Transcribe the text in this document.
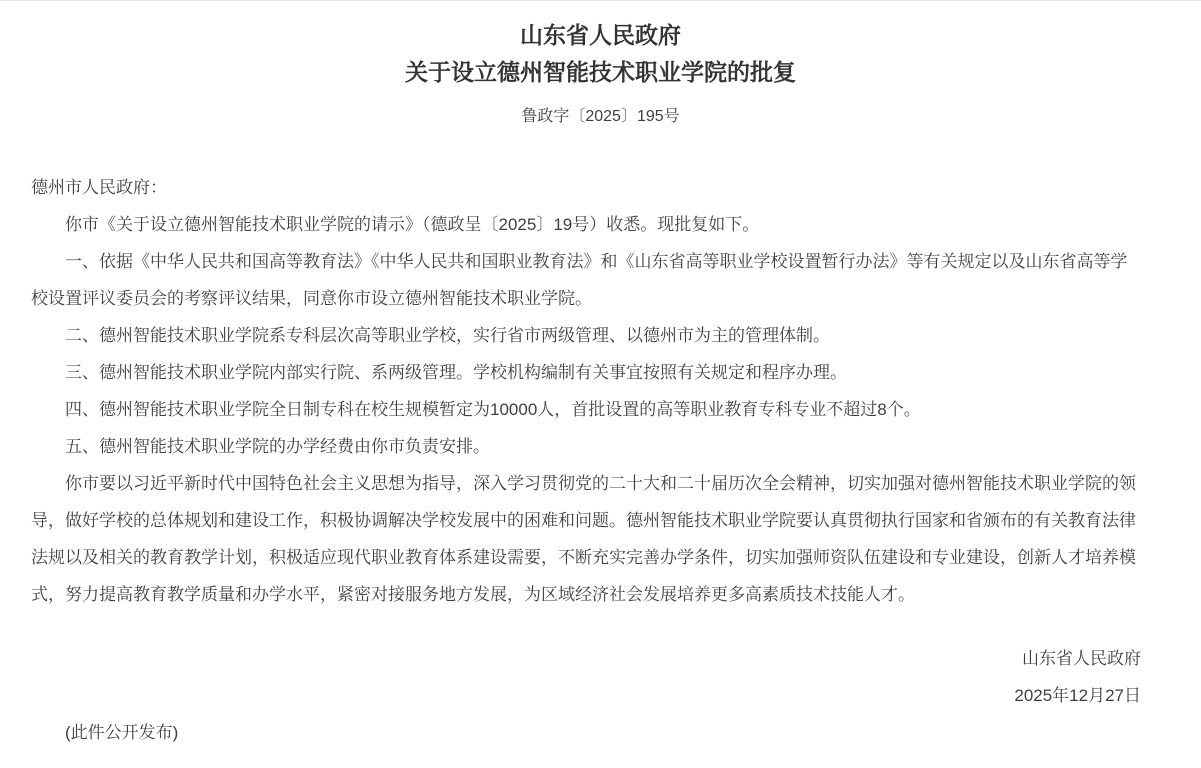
山东省人民政府
关于设立德州智能技术职业学院的批复
鲁政字〔2025〕195号

德州市人民政府：

你市《关于设立德州智能技术职业学院的请示》（德政呈〔2025〕19号）收悉。现批复如下。

一、依据《中华人民共和国高等教育法》《中华人民共和国职业教育法》和《山东省高等职业学校设置暂行办法》等有关规定以及山东省高等学校设置评议委员会的考察评议结果，同意你市设立德州智能技术职业学院。

二、德州智能技术职业学院系专科层次高等职业学校，实行省市两级管理、以德州市为主的管理体制。

三、德州智能技术职业学院内部实行院、系两级管理。学校机构编制有关事宜按照有关规定和程序办理。

四、德州智能技术职业学院全日制专科在校生规模暂定为10000人，首批设置的高等职业教育专科专业不超过8个。

五、德州智能技术职业学院的办学经费由你市负责安排。

你市要以习近平新时代中国特色社会主义思想为指导，深入学习贯彻党的二十大和二十届历次全会精神，切实加强对德州智能技术职业学院的领导，做好学校的总体规划和建设工作，积极协调解决学校发展中的困难和问题。德州智能技术职业学院要认真贯彻执行国家和省颁布的有关教育法律法规以及相关的教育教学计划，积极适应现代职业教育体系建设需要，不断充实完善办学条件，切实加强师资队伍建设和专业建设，创新人才培养模式，努力提高教育教学质量和办学水平，紧密对接服务地方发展，为区域经济社会发展培养更多高素质技术技能人才。

山东省人民政府

2025年12月27日

(此件公开发布)
